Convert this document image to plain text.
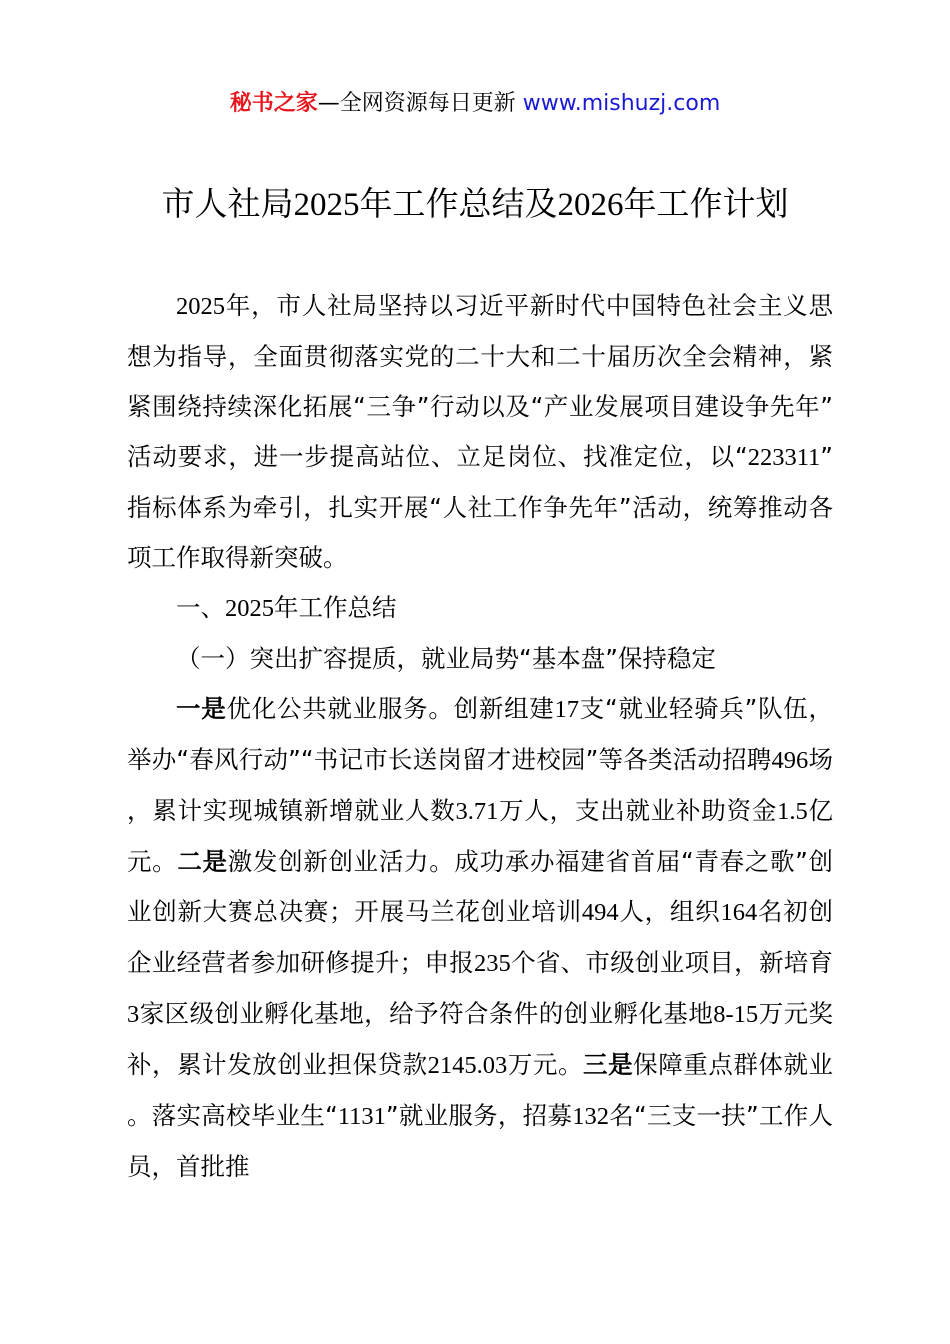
秘书之家—全网资源每日更新 www.mishuzj.com
市人社局2025年工作总结及2026年工作计划

2025年，市人社局坚持以习近平新时代中国特色社会主义思想为指导，全面贯彻落实党的二十大和二十届历次全会精神，紧紧围绕持续深化拓展“三争”行动以及“产业发展项目建设争先年”活动要求，进一步提高站位、立足岗位、找准定位，以“223311”指标体系为牵引，扎实开展“人社工作争先年”活动，统筹推动各项工作取得新突破。

一、2025年工作总结

（一）突出扩容提质，就业局势“基本盘”保持稳定

一是优化公共就业服务。创新组建17支“就业轻骑兵”队伍，举办“春风行动”“书记市长送岗留才进校园”等各类活动招聘496场，累计实现城镇新增就业人数3.71万人，支出就业补助资金1.5亿元。二是激发创新创业活力。成功承办福建省首届“青春之歌”创业创新大赛总决赛；开展马兰花创业培训494人，组织164名初创企业经营者参加研修提升；申报235个省、市级创业项目，新培育3家区级创业孵化基地，给予符合条件的创业孵化基地8-15万元奖补，累计发放创业担保贷款2145.03万元。三是保障重点群体就业。落实高校毕业生“1131”就业服务，招募132名“三支一扶”工作人员，首批推
